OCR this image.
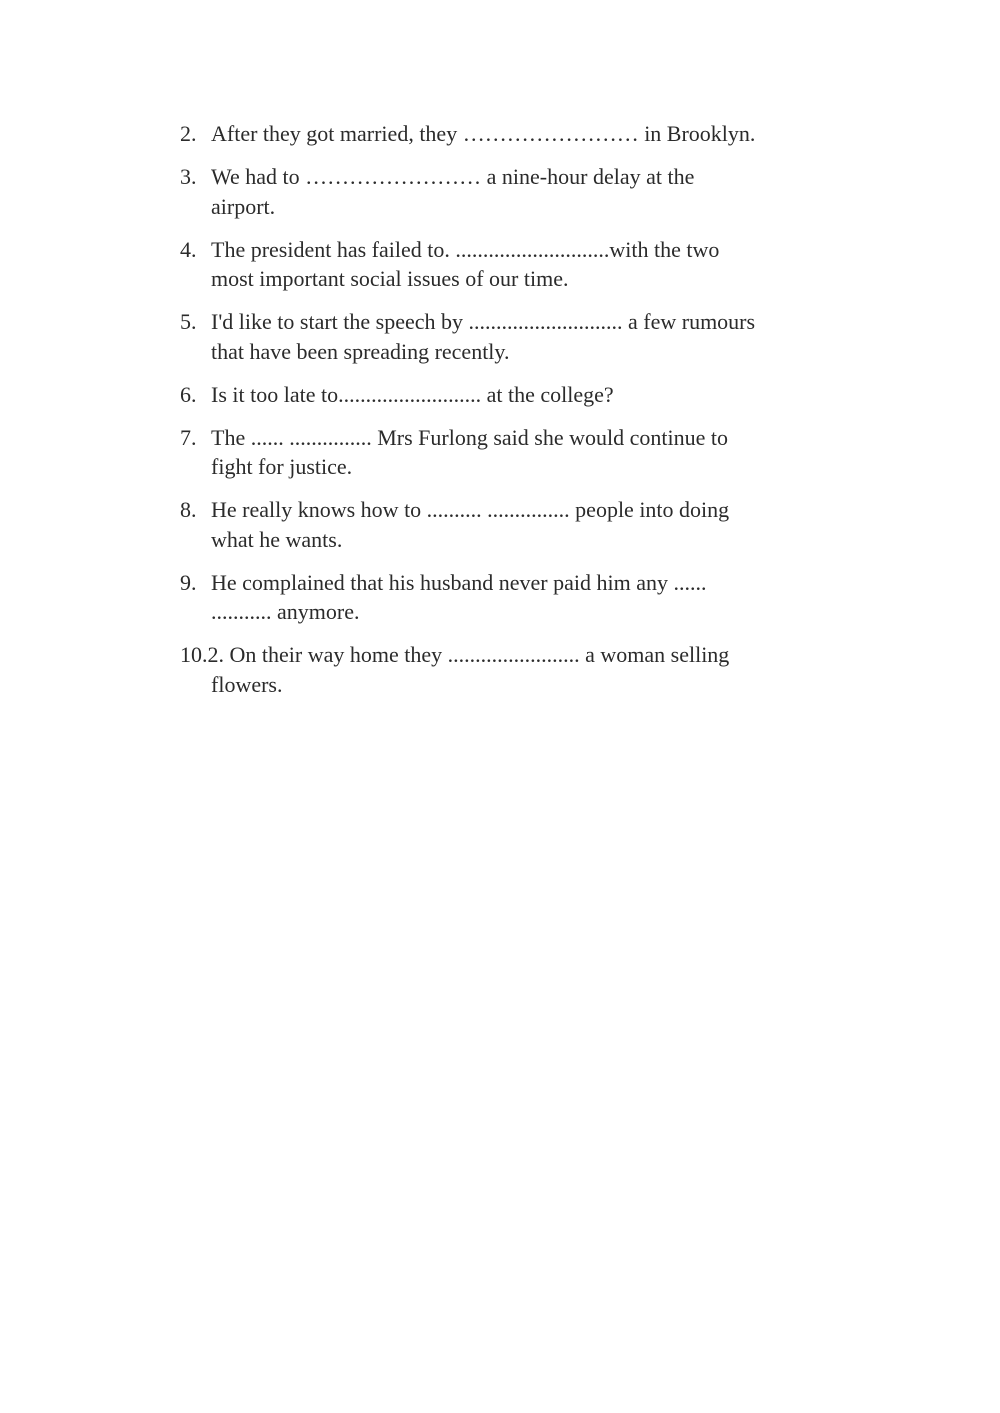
2. After they got married, they …………………… in Brooklyn.
3. We had to …………………… a nine-hour delay at the
airport.
4. The president has failed to. ............................with the two
most important social issues of our time.
5. I'd like to start the speech by ............................ a few rumours
that have been spreading recently.
6. Is it too late to.......................... at the college?
7. The ...... ............... Mrs Furlong said she would continue to
fight for justice.
8. He really knows how to .......... ............... people into doing
what he wants.
9. He complained that his husband never paid him any ......
........... anymore.
10.2. On their way home they ........................ a woman selling
flowers.
